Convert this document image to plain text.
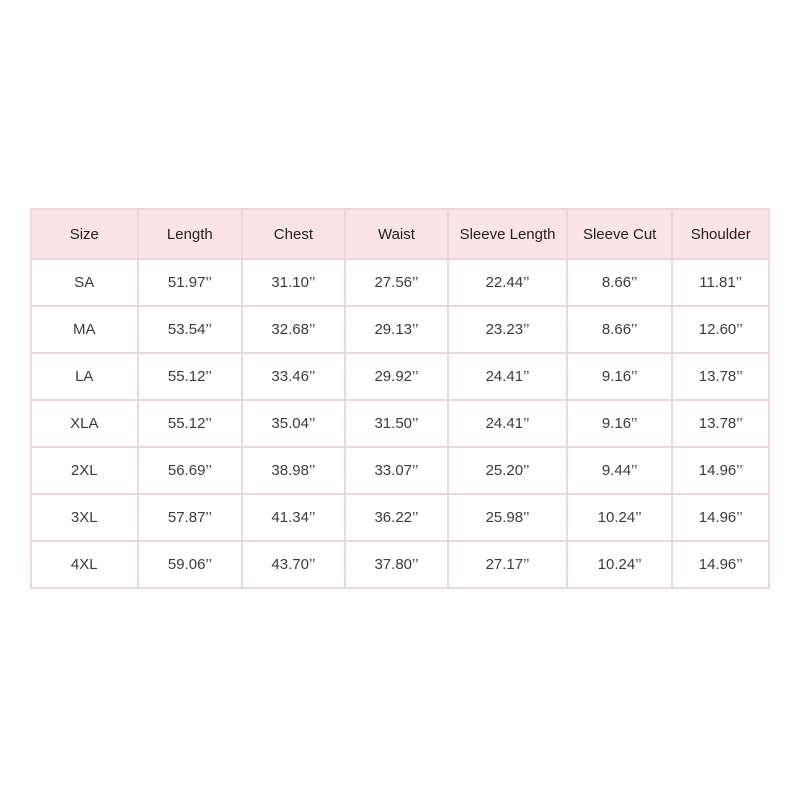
Size	Length	Chest	Waist	Sleeve Length	Sleeve Cut	Shoulder
SA	51.97’’	31.10’’	27.56’’	22.44’’	8.66’’	11.81’’
MA	53.54’’	32.68’’	29.13’’	23.23’’	8.66’’	12.60’’
LA	55.12’’	33.46’’	29.92’’	24.41’’	9.16’’	13.78’’
XLA	55.12’’	35.04’’	31.50’’	24.41’’	9.16’’	13.78’’
2XL	56.69’’	38.98’’	33.07’’	25.20’’	9.44’’	14.96’’
3XL	57.87’’	41.34’’	36.22’’	25.98’’	10.24’’	14.96’’
4XL	59.06’’	43.70’’	37.80’’	27.17’’	10.24’’	14.96’’
